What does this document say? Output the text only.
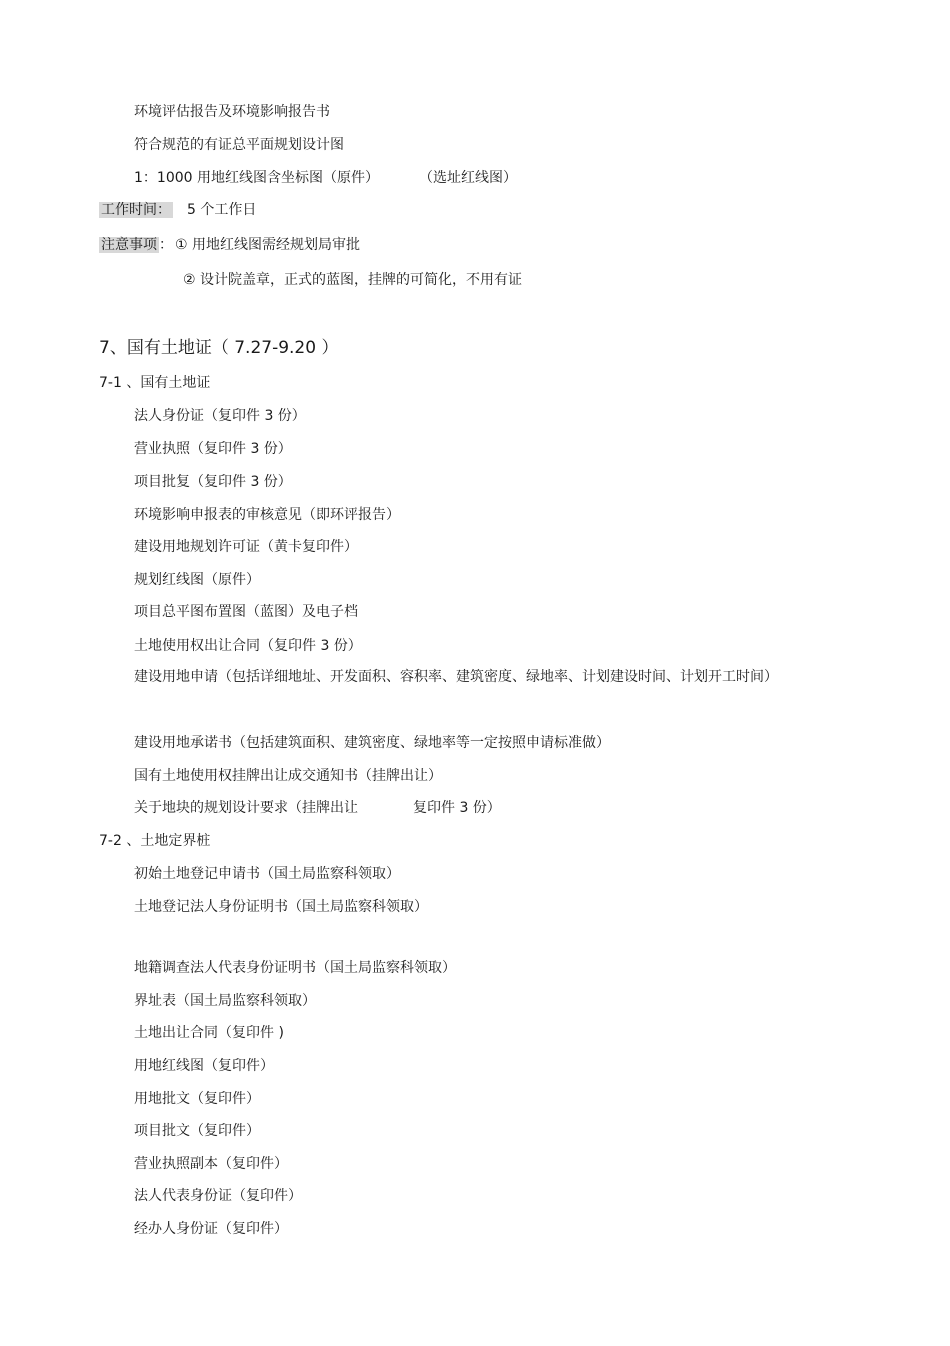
环境评估报告及环境影响报告书
符合规范的有证总平面规划设计图
1：1000 用地红线图含坐标图（原件）	（选址红线图）
工作时间： 5 个工作日
注意事项 ： ① 用地红线图需经规划局审批
② 设计院盖章，正式的蓝图，挂牌的可简化，不用有证
7、国有土地证（ 7.27-9.20 ）
7-1 、国有土地证
法人身份证（复印件 3 份）
营业执照（复印件 3 份）
项目批复（复印件 3 份）
环境影响申报表的审核意见（即环评报告）
建设用地规划许可证（黄卡复印件）
规划红线图（原件）
项目总平图布置图（蓝图）及电子档
土地使用权出让合同（复印件 3 份）
建设用地申请（包括详细地址、开发面积、容积率、建筑密度、绿地率、计划建设时间、计划开工时间）
建设用地承诺书（包括建筑面积、建筑密度、绿地率等一定按照申请标准做）
国有土地使用权挂牌出让成交通知书（挂牌出让）
关于地块的规划设计要求（挂牌出让	复印件 3 份）
7-2 、土地定界桩
初始土地登记申请书（国土局监察科领取）
土地登记法人身份证明书（国土局监察科领取）
地籍调查法人代表身份证明书（国土局监察科领取）
界址表（国土局监察科领取）
土地出让合同（复印件 )
用地红线图（复印件）
用地批文（复印件）
项目批文（复印件）
营业执照副本（复印件）
法人代表身份证（复印件）
经办人身份证（复印件）
